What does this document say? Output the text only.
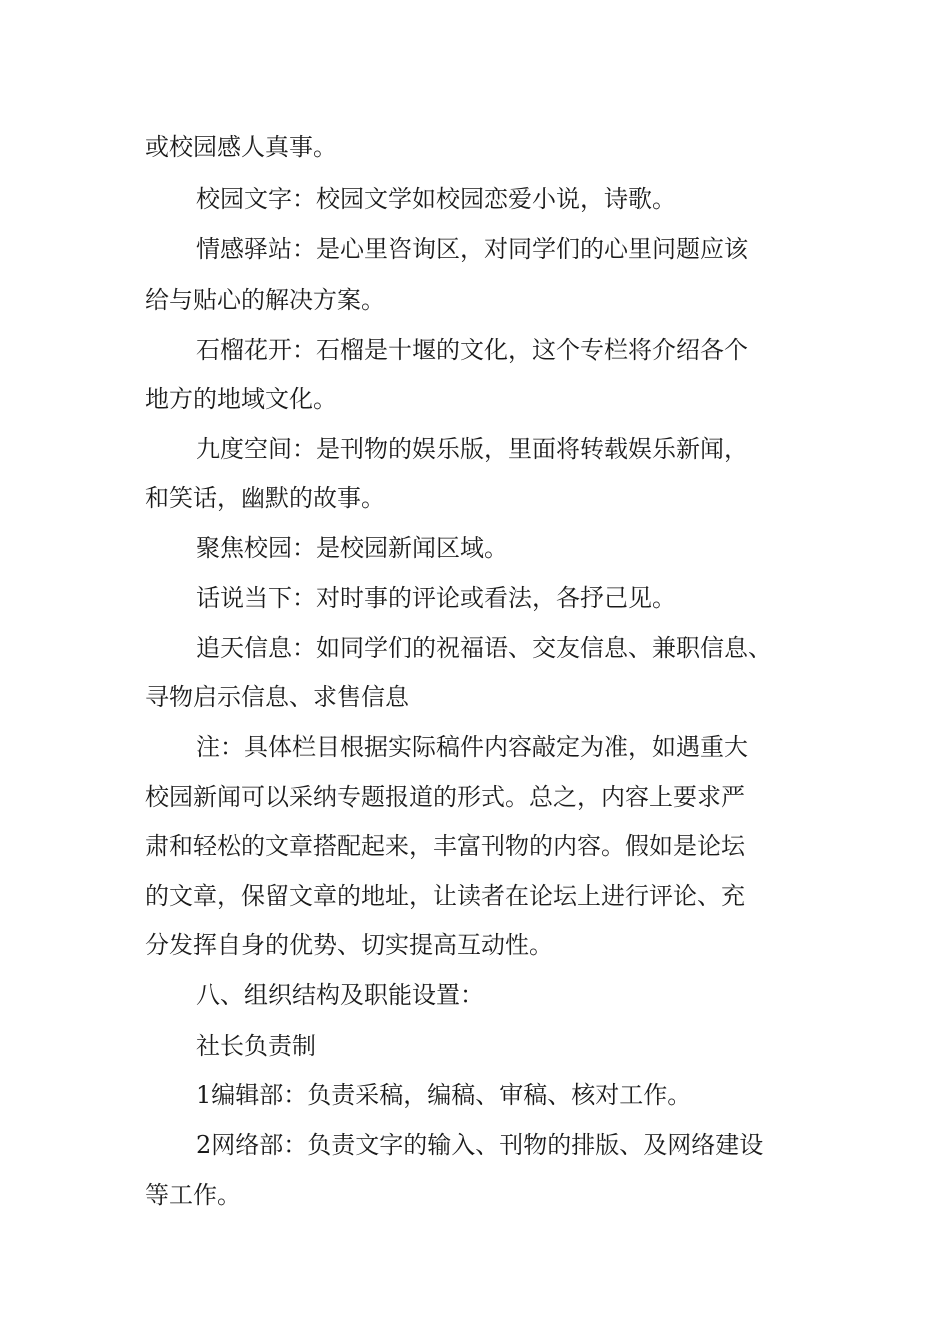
或校园感人真事。
校园文字：校园文学如校园恋爱小说，诗歌。
情感驿站：是心里咨询区，对同学们的心里问题应该
给与贴心的解决方案。
石榴花开：石榴是十堰的文化，这个专栏将介绍各个
地方的地域文化。
九度空间：是刊物的娱乐版，里面将转载娱乐新闻，
和笑话，幽默的故事。
聚焦校园：是校园新闻区域。
话说当下：对时事的评论或看法，各抒己见。
追天信息：如同学们的祝福语、交友信息、兼职信息、
寻物启示信息、求售信息
注：具体栏目根据实际稿件内容敲定为准，如遇重大
校园新闻可以采纳专题报道的形式。总之，内容上要求严
肃和轻松的文章搭配起来，丰富刊物的内容。假如是论坛
的文章，保留文章的地址，让读者在论坛上进行评论、充
分发挥自身的优势、切实提高互动性。
八、组织结构及职能设置：
社长负责制
1编辑部：负责采稿，编稿、审稿、核对工作。
2网络部：负责文字的输入、刊物的排版、及网络建设
等工作。
